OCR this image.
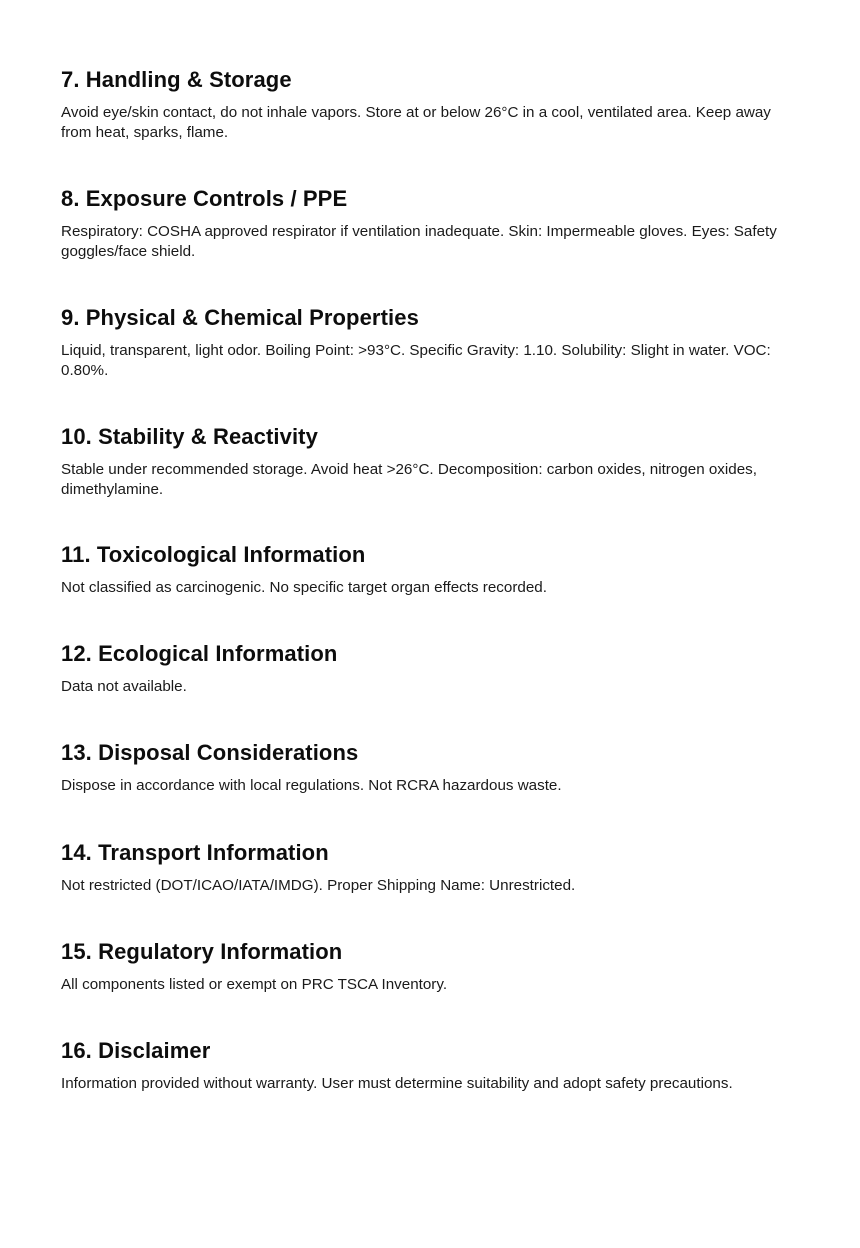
7. Handling & Storage

Avoid eye/skin contact, do not inhale vapors. Store at or below 26°C in a cool, ventilated area. Keep away from heat, sparks, flame.

8. Exposure Controls / PPE

Respiratory: COSHA approved respirator if ventilation inadequate. Skin: Impermeable gloves. Eyes: Safety goggles/face shield.

9. Physical & Chemical Properties

Liquid, transparent, light odor. Boiling Point: >93°C. Specific Gravity: 1.10. Solubility: Slight in water. VOC: 0.80%.

10. Stability & Reactivity

Stable under recommended storage. Avoid heat >26°C. Decomposition: carbon oxides, nitrogen oxides, dimethylamine.

11. Toxicological Information

Not classified as carcinogenic. No specific target organ effects recorded.

12. Ecological Information

Data not available.

13. Disposal Considerations

Dispose in accordance with local regulations. Not RCRA hazardous waste.

14. Transport Information

Not restricted (DOT/ICAO/IATA/IMDG). Proper Shipping Name: Unrestricted.

15. Regulatory Information

All components listed or exempt on PRC TSCA Inventory.

16. Disclaimer

Information provided without warranty. User must determine suitability and adopt safety precautions.
